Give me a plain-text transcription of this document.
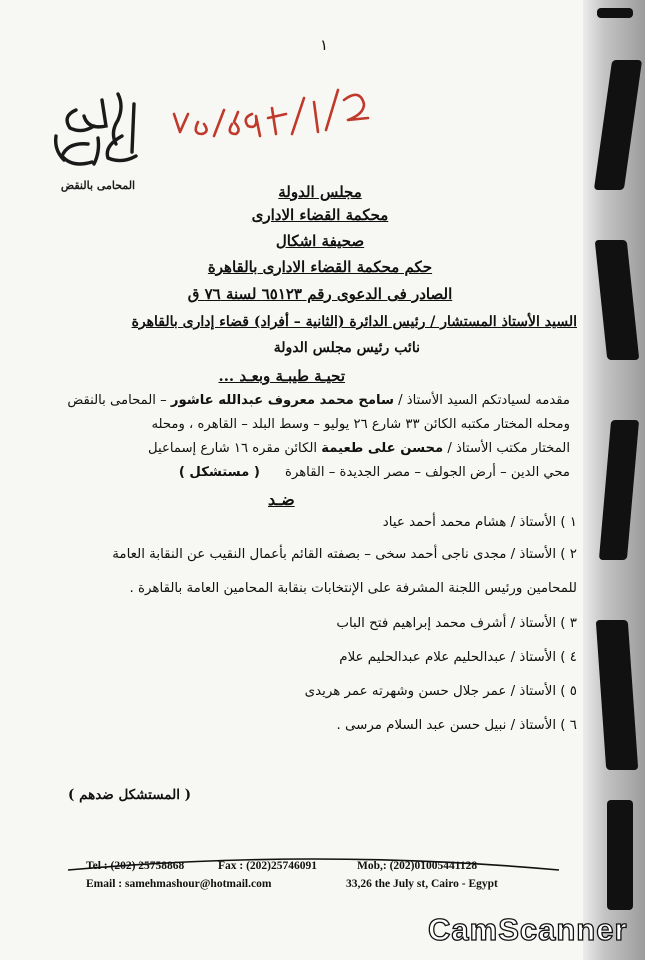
١
المحامى بالنقض	مجلس الدولة
محكمة القضاء الادارى
صحيفة اشكال
حكم محكمة القضاء الادارى بالقاهرة
الصادر فى الدعوى رقم ٦٥١٢٣ لسنة ٧٦ ق
السيد الأستاذ المستشار / رئيس الدائرة (الثانية – أفراد) قضاء إدارى بالقاهرة
نائب رئيس مجلس الدولة
تحيـة طيبـة وبعـد ...
مقدمه لسيادتكم السيد الأستاذ / سامح محمد معروف عبدالله عاشور – المحامى بالنقض
ومحله المختار مكتبه الكائن ٣٣ شارع ٢٦ يوليو – وسط البلد – القاهره ، ومحله
المختار مكتب الأستاذ / محسن على طعيمة الكائن مقره ١٦ شارع إسماعيل
محي الدين – أرض الجولف – مصر الجديدة – القاهرة      ( مستشكل )
ضـد
١ ) الأستاذ / هشام محمد أحمد عياد
٢ ) الأستاذ / مجدى ناجى أحمد سخى – بصفته القائم بأعمال النقيب عن النقابة العامة
للمحامين ورئيس اللجنة المشرفة على الإنتخابات بنقابة المحامين العامة بالقاهرة .
٣ ) الأستاذ / أشرف محمد إبراهيم فتح الباب
٤ ) الأستاذ / عبدالحليم علام عبدالحليم علام
٥ ) الأستاذ / عمر جلال حسن وشهرته عمر هريدى
٦ ) الأستاذ / نبيل حسن عبد السلام مرسى .
( المستشكل ضدهم )
Tel : (202) 25758868	Fax : (202)25746091	Mob,: (202)01005441128
Email : samehmashour@hotmail.com	33,26 the July st, Cairo - Egypt
CamScanner
